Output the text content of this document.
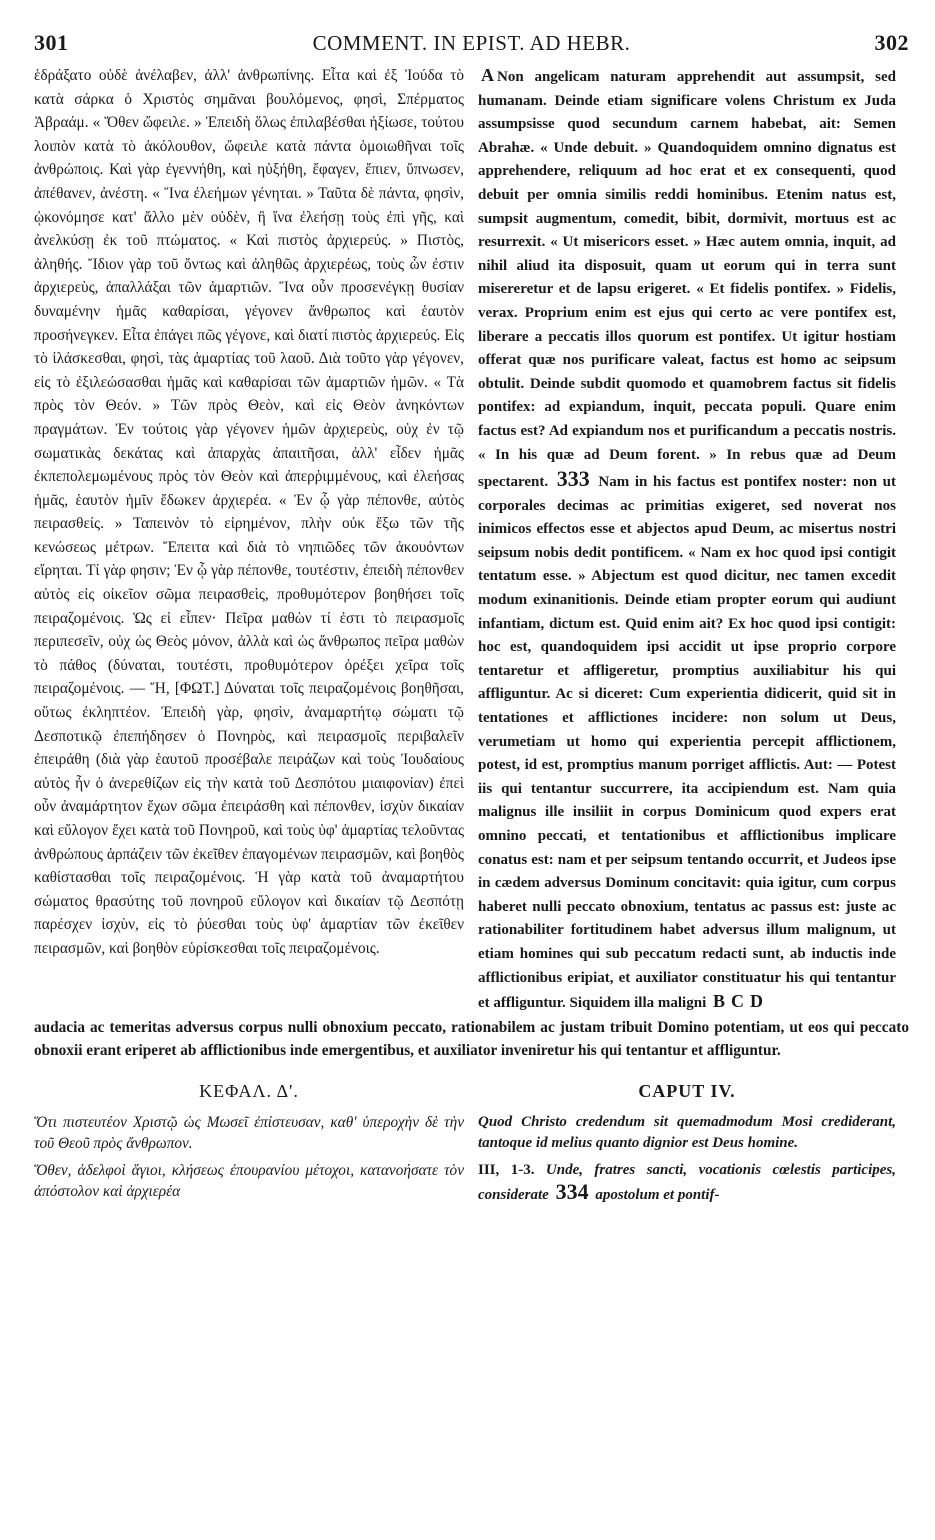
301	COMMENT. IN EPIST. AD HEBR.	302

ἑδράξατο οὐδὲ ἀνέλαβεν, ἀλλ' ἀνθρωπίνης. Εἶτα καὶ ἐξ Ἰούδα τὸ κατὰ σάρκα ὁ Χριστὸς σημᾶναι βουλόμενος, φησὶ, Σπέρματος Ἀβραάμ. « Ὅθεν ὤφειλε. » Ἐπειδὴ ὅλως ἐπιλαβέσθαι ἠξίωσε, τούτου λοιπὸν κατὰ τὸ ἀκόλουθον, ὤφειλε κατὰ πάντα ὁμοιωθῆναι τοῖς ἀνθρώποις. Καὶ γὰρ ἐγεννήθη, καὶ ηὐξήθη, ἔφαγεν, ἔπιεν, ὕπνωσεν, ἀπέθανεν, ἀνέστη. « Ἵνα ἐλεήμων γένηται. » Ταῦτα δὲ πάντα, φησὶν, ᾠκονόμησε κατ' ἄλλο μὲν οὐδὲν, ἢ ἵνα ἐλεήσῃ τοὺς ἐπὶ γῆς, καὶ ἀνελκύσῃ ἐκ τοῦ πτώματος. « Καὶ πιστὸς ἀρχιερεύς. » Πιστὸς, ἀληθής. Ἴδιον γὰρ τοῦ ὄντως καὶ ἀληθῶς ἀρχιερέως, τοὺς ὧν ἐστιν ἀρχιερεὺς, ἀπαλλάξαι τῶν ἁμαρτιῶν. Ἵνα οὖν προσενέγκῃ θυσίαν δυναμένην ἡμᾶς καθαρίσαι, γέγονεν ἄνθρωπος καὶ ἑαυτὸν προσήνεγκεν. Εἶτα ἐπάγει πῶς γέγονε, καὶ διατί πιστὸς ἀρχιερεύς. Εἰς τὸ ἱλάσκεσθαι, φησὶ, τὰς ἁμαρτίας τοῦ λαοῦ. Διὰ τοῦτο γὰρ γέγονεν, εἰς τὸ ἐξιλεώσασθαι ἡμᾶς καὶ καθαρίσαι τῶν ἁμαρτιῶν ἡμῶν. « Τὰ πρὸς τὸν Θεόν. » Τῶν πρὸς Θεὸν, καὶ εἰς Θεὸν ἀνηκόντων πραγμάτων. Ἐν τούτοις γὰρ γέγονεν ἡμῶν ἀρχιερεὺς, οὐχ ἐν τῷ σωματικὰς δεκάτας καὶ ἀπαρχὰς ἀπαιτῆσαι, ἀλλ' εἶδεν ἡμᾶς ἐκπεπολεμωμένους πρὸς τὸν Θεὸν καὶ ἀπερῥιμμένους, καὶ ἐλεήσας ἡμᾶς, ἑαυτὸν ἡμῖν ἔδωκεν ἀρχιερέα. « Ἐν ᾧ γὰρ πέπονθε, αὐτὸς πειρασθείς. » Ταπεινὸν τὸ εἰρημένον, πλὴν οὐκ ἔξω τῶν τῆς κενώσεως μέτρων. Ἔπειτα καὶ διὰ τὸ νηπιῶδες τῶν ἀκουόντων εἴρηται. Τί γὰρ φησιν; Ἐν ᾧ γὰρ πέπονθε, τουτέστιν, ἐπειδὴ πέπονθεν αὐτὸς εἰς οἰκεῖον σῶμα πειρασθεὶς, προθυμότερον βοηθήσει τοῖς πειραζομένοις. Ὡς εἰ εἶπεν· Πεῖρα μαθὼν τί ἐστι τὸ πειρασμοῖς περιπεσεῖν, οὐχ ὡς Θεὸς μόνον, ἀλλὰ καὶ ὡς ἄνθρωπος πεῖρα μαθὼν τὸ πάθος (δύναται, τουτέστι, προθυμότερον ὀρέξει χεῖρα τοῖς πειραζομένοις. — Ἤ, [ΦΩΤ.] Δύναται τοῖς πειραζομένοις βοηθῆσαι, οὕτως ἐκληπτέον. Ἐπειδὴ γὰρ, φησὶν, ἀναμαρτήτῳ σώματι τῷ Δεσποτικῷ ἐπεπήδησεν ὁ Πονηρὸς, καὶ πειρασμοῖς περιβαλεῖν ἐπειράθη (διὰ γὰρ ἑαυτοῦ προσέβαλε πειράζων καὶ τοὺς Ἰουδαίους αὐτὸς ἦν ὁ ἀνερεθίζων εἰς τὴν κατὰ τοῦ Δεσπότου μιαιφονίαν) ἐπεὶ οὖν ἀναμάρτητον ἔχων σῶμα ἐπειράσθη καὶ πέπονθεν, ἰσχὺν δικαίαν καὶ εὔλογον ἔχει κατὰ τοῦ Πονηροῦ, καὶ τοὺς ὑφ' ἁμαρτίας τελοῦντας ἀνθρώπους ἁρπάζειν τῶν ἐκεῖθεν ἐπαγομένων πειρασμῶν, καὶ βοηθὸς καθίστασθαι τοῖς πειραζομένοις. Ἡ γὰρ κατὰ τοῦ ἀναμαρτήτου σώματος θρασύτης τοῦ πονηροῦ εὔλογον καὶ δικαίαν τῷ Δεσπότῃ παρέσχεν ἰσχὺν, εἰς τὸ ῥύεσθαι τοὺς ὑφ' ἁμαρτίαν τῶν ἐκεῖθεν πειρασμῶν, καὶ βοηθὸν εὑρίσκεσθαι τοῖς πειραζομένοις.

A Non angelicam naturam apprehendit aut assumpsit, sed humanam. Deinde etiam significare volens Christum ex Juda assumpsisse quod secundum carnem habebat, ait: Semen Abrahæ. « Unde debuit. » Quandoquidem omnino dignatus est apprehendere, reliquum ad hoc erat et ex consequenti, quod debuit per omnia similis reddi hominibus. Etenim natus est, sumpsit augmentum, comedit, bibit, dormivit, mortuus est ac resurrexit. « Ut misericors esset. » Hæc autem omnia, inquit, ad nihil aliud ita disposuit, quam ut eorum qui in terra sunt misereretur et de lapsu erigeret. « Et fidelis pontifex. » Fidelis, verax. Proprium enim est ejus qui certo ac vere pontifex est, liberare a peccatis illos quorum est pontifex. Ut igitur hostiam offerat quæ nos purificare valeat, factus est homo ac seipsum obtulit. Deinde subdit quomodo et quamobrem factus sit fidelis pontifex: ad expiandum, inquit, peccata populi. Quare enim factus est? Ad expiandum nos et purificandum a peccatis nostris. « In his quæ ad Deum forent. » In rebus quæ ad Deum spectarent. 333 Nam in his factus est pontifex noster: non ut corporales decimas ac primitias exigeret, sed noverat nos inimicos effectos esse et abjectos apud Deum, ac misertus nostri seipsum nobis dedit pontificem. « Nam ex hoc quod ipsi contigit tentatum esse. » Abjectum est quod dicitur, nec tamen excedit modum exinanitionis. Deinde etiam propter eorum qui audiunt infantiam, dictum est. Quid enim ait? Ex hoc quod ipsi contigit: hoc est, quandoquidem ipsi accidit ut ipse proprio corpore tentaretur et affligeretur, promptius auxiliabitur his qui affliguntur. Ac si diceret: Cum experientia didicerit, quid sit in tentationes et afflictiones incidere: non solum ut Deus, verumetiam ut homo qui experientia percepit afflictionem, potest, id est, promptius manum porriget afflictis. Aut: — Potest iis qui tentantur succurrere, ita accipiendum est. Nam quia malignus ille insiliit in corpus Dominicum quod expers erat omnino peccati, et tentationibus et afflictionibus implicare conatus est: nam et per seipsum tentando occurrit, et Judeos ipse in cædem adversus Dominum concitavit: quia igitur, cum corpus haberet nulli peccato obnoxium, tentatus ac passus est: juste ac rationabiliter fortitudinem habet adversus illum malignum, ut etiam homines qui sub peccatum redacti sunt, ab inductis inde afflictionibus eripiat, et auxiliator constituatur his qui tentantur et affliguntur. Siquidem illa maligni B C D

audacia ac temeritas adversus corpus nulli obnoxium peccato, rationabilem ac justam tribuit Domino potentiam, ut eos qui peccato obnoxii erant eriperet ab afflictionibus inde emergentibus, et auxiliator inveniretur his qui tentantur et affliguntur.
ΚΕΦΑΛ. Δ'.

Ὅτι πιστευτέον Χριστῷ ὡς Μωσεῖ ἐπίστευσαν, καθ' ὑπεροχὴν δὲ τὴν τοῦ Θεοῦ πρὸς ἄνθρωπον.

Ὅθεν, ἀδελφοὶ ἅγιοι, κλήσεως ἐπουρανίου μέτοχοι, κατανοήσατε τὸν ἀπόστολον καὶ ἀρχιερέα

CAPUT IV.

Quod Christo credendum sit quemadmodum Mosi crediderant, tantoque id melius quanto dignior est Deus homine.

III, 1-3. Unde, fratres sancti, vocationis cœlestis participes, considerate 334 apostolum et pontif-
